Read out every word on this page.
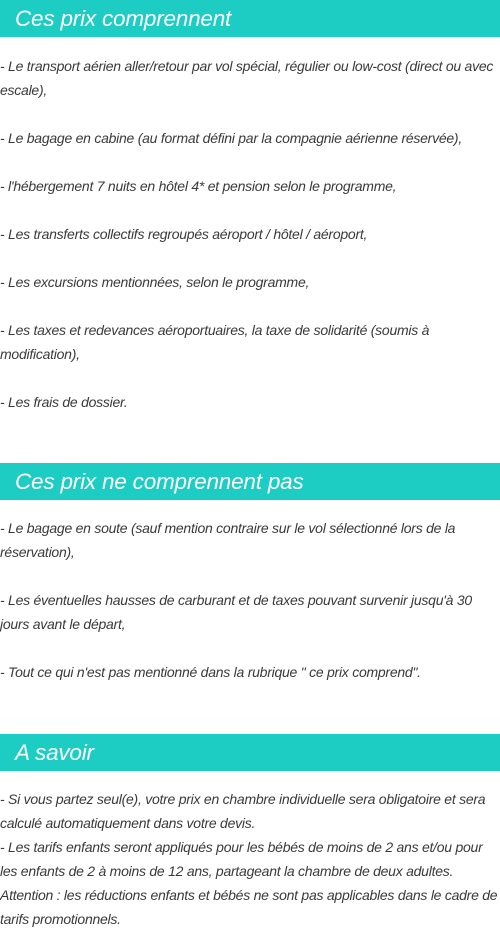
Ces prix comprennent
- Le transport aérien aller/retour par vol spécial, régulier ou low-cost (direct ou avec escale),
- Le bagage en cabine (au format défini par la compagnie aérienne réservée),
- l'hébergement 7 nuits en hôtel 4* et pension selon le programme,
- Les transferts collectifs regroupés aéroport / hôtel / aéroport,
- Les excursions mentionnées, selon le programme,
- Les taxes et redevances aéroportuaires, la taxe de solidarité (soumis à modification),
- Les frais de dossier.
Ces prix ne comprennent pas
- Le bagage en soute (sauf mention contraire sur le vol sélectionné lors de la réservation),
- Les éventuelles hausses de carburant et de taxes pouvant survenir jusqu'à 30 jours avant le départ,
- Tout ce qui n'est pas mentionné dans la rubrique " ce prix comprend".
A savoir
- Si vous partez seul(e), votre prix en chambre individuelle sera obligatoire et sera calculé automatiquement dans votre devis.
- Les tarifs enfants seront appliqués pour les bébés de moins de 2 ans et/ou pour les enfants de 2 à moins de 12 ans, partageant la chambre de deux adultes.
Attention : les réductions enfants et bébés ne sont pas applicables dans le cadre de tarifs promotionnels.
